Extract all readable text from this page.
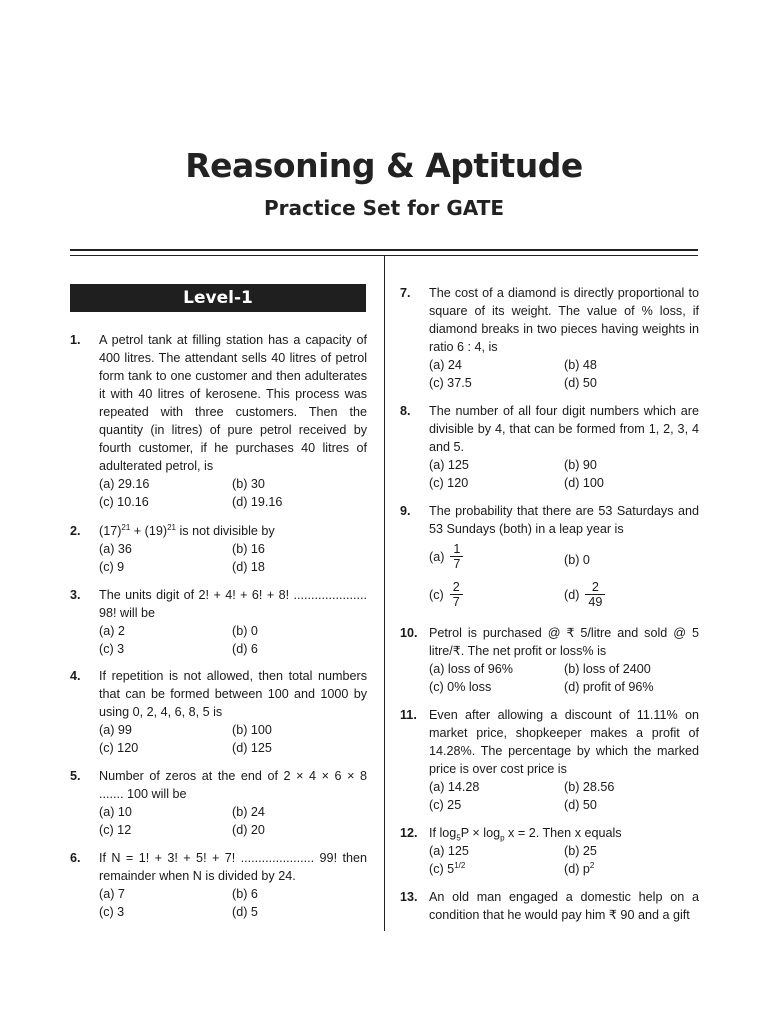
Reasoning & Aptitude
Practice Set for GATE
Level-1
1. A petrol tank at filling station has a capacity of 400 litres. The attendant sells 40 litres of petrol form tank to one customer and then adulterates it with 40 litres of kerosene. This process was repeated with three customers. Then the quantity (in litres) of pure petrol received by fourth customer, if he purchases 40 litres of adulterated petrol, is
(a) 29.16	(b) 30
(c) 10.16	(d) 19.16
2. $(17)^{21} + (19)^{21}$ is not divisible by
(a) 36	(b) 16
(c) 9	(d) 18
3. The units digit of 2! + 4! + 6! + 8! ..................... 98! will be
(a) 2	(b) 0
(c) 3	(d) 6
4. If repetition is not allowed, then total numbers that can be formed between 100 and 1000 by using 0, 2, 4, 6, 8, 5 is
(a) 99	(b) 100
(c) 120	(d) 125
5. Number of zeros at the end of 2 × 4 × 6 × 8 ....... 100 will be
(a) 10	(b) 24
(c) 12	(d) 20
6. If N = 1! + 3! + 5! + 7! ..................... 99! then remainder when N is divided by 24.
(a) 7	(b) 6
(c) 3	(d) 5
7. The cost of a diamond is directly proportional to square of its weight. The value of % loss, if diamond breaks in two pieces having weights in ratio 6 : 4, is
(a) 24	(b) 48
(c) 37.5	(d) 50
8. The number of all four digit numbers which are divisible by 4, that can be formed from 1, 2, 3, 4 and 5.
(a) 125	(b) 90
(c) 120	(d) 100
9. The probability that there are 53 Saturdays and 53 Sundays (both) in a leap year is
$(a) \frac{1}{7}$	(b) 0
$(c) \frac{2}{7}$	$(d) \frac{2}{49}$
10. Petrol is purchased @ ₹ 5/litre and sold @ 5 litre/₹. The net profit or loss% is
(a) loss of 96%	(b) loss of 2400
(c) 0% loss	(d) profit of 96%
11. Even after allowing a discount of 11.11% on market price, shopkeeper makes a profit of 14.28%. The percentage by which the marked price is over cost price is
(a) 14.28	(b) 28.56
(c) 25	(d) 50
12. If $\log_5P \times \log_p x = 2$. Then x equals
(a) 125	(b) 25
(c) $5^{1/2}$	(d) $p^2$
13. An old man engaged a domestic help on a condition that he would pay him ₹ 90 and a gift
